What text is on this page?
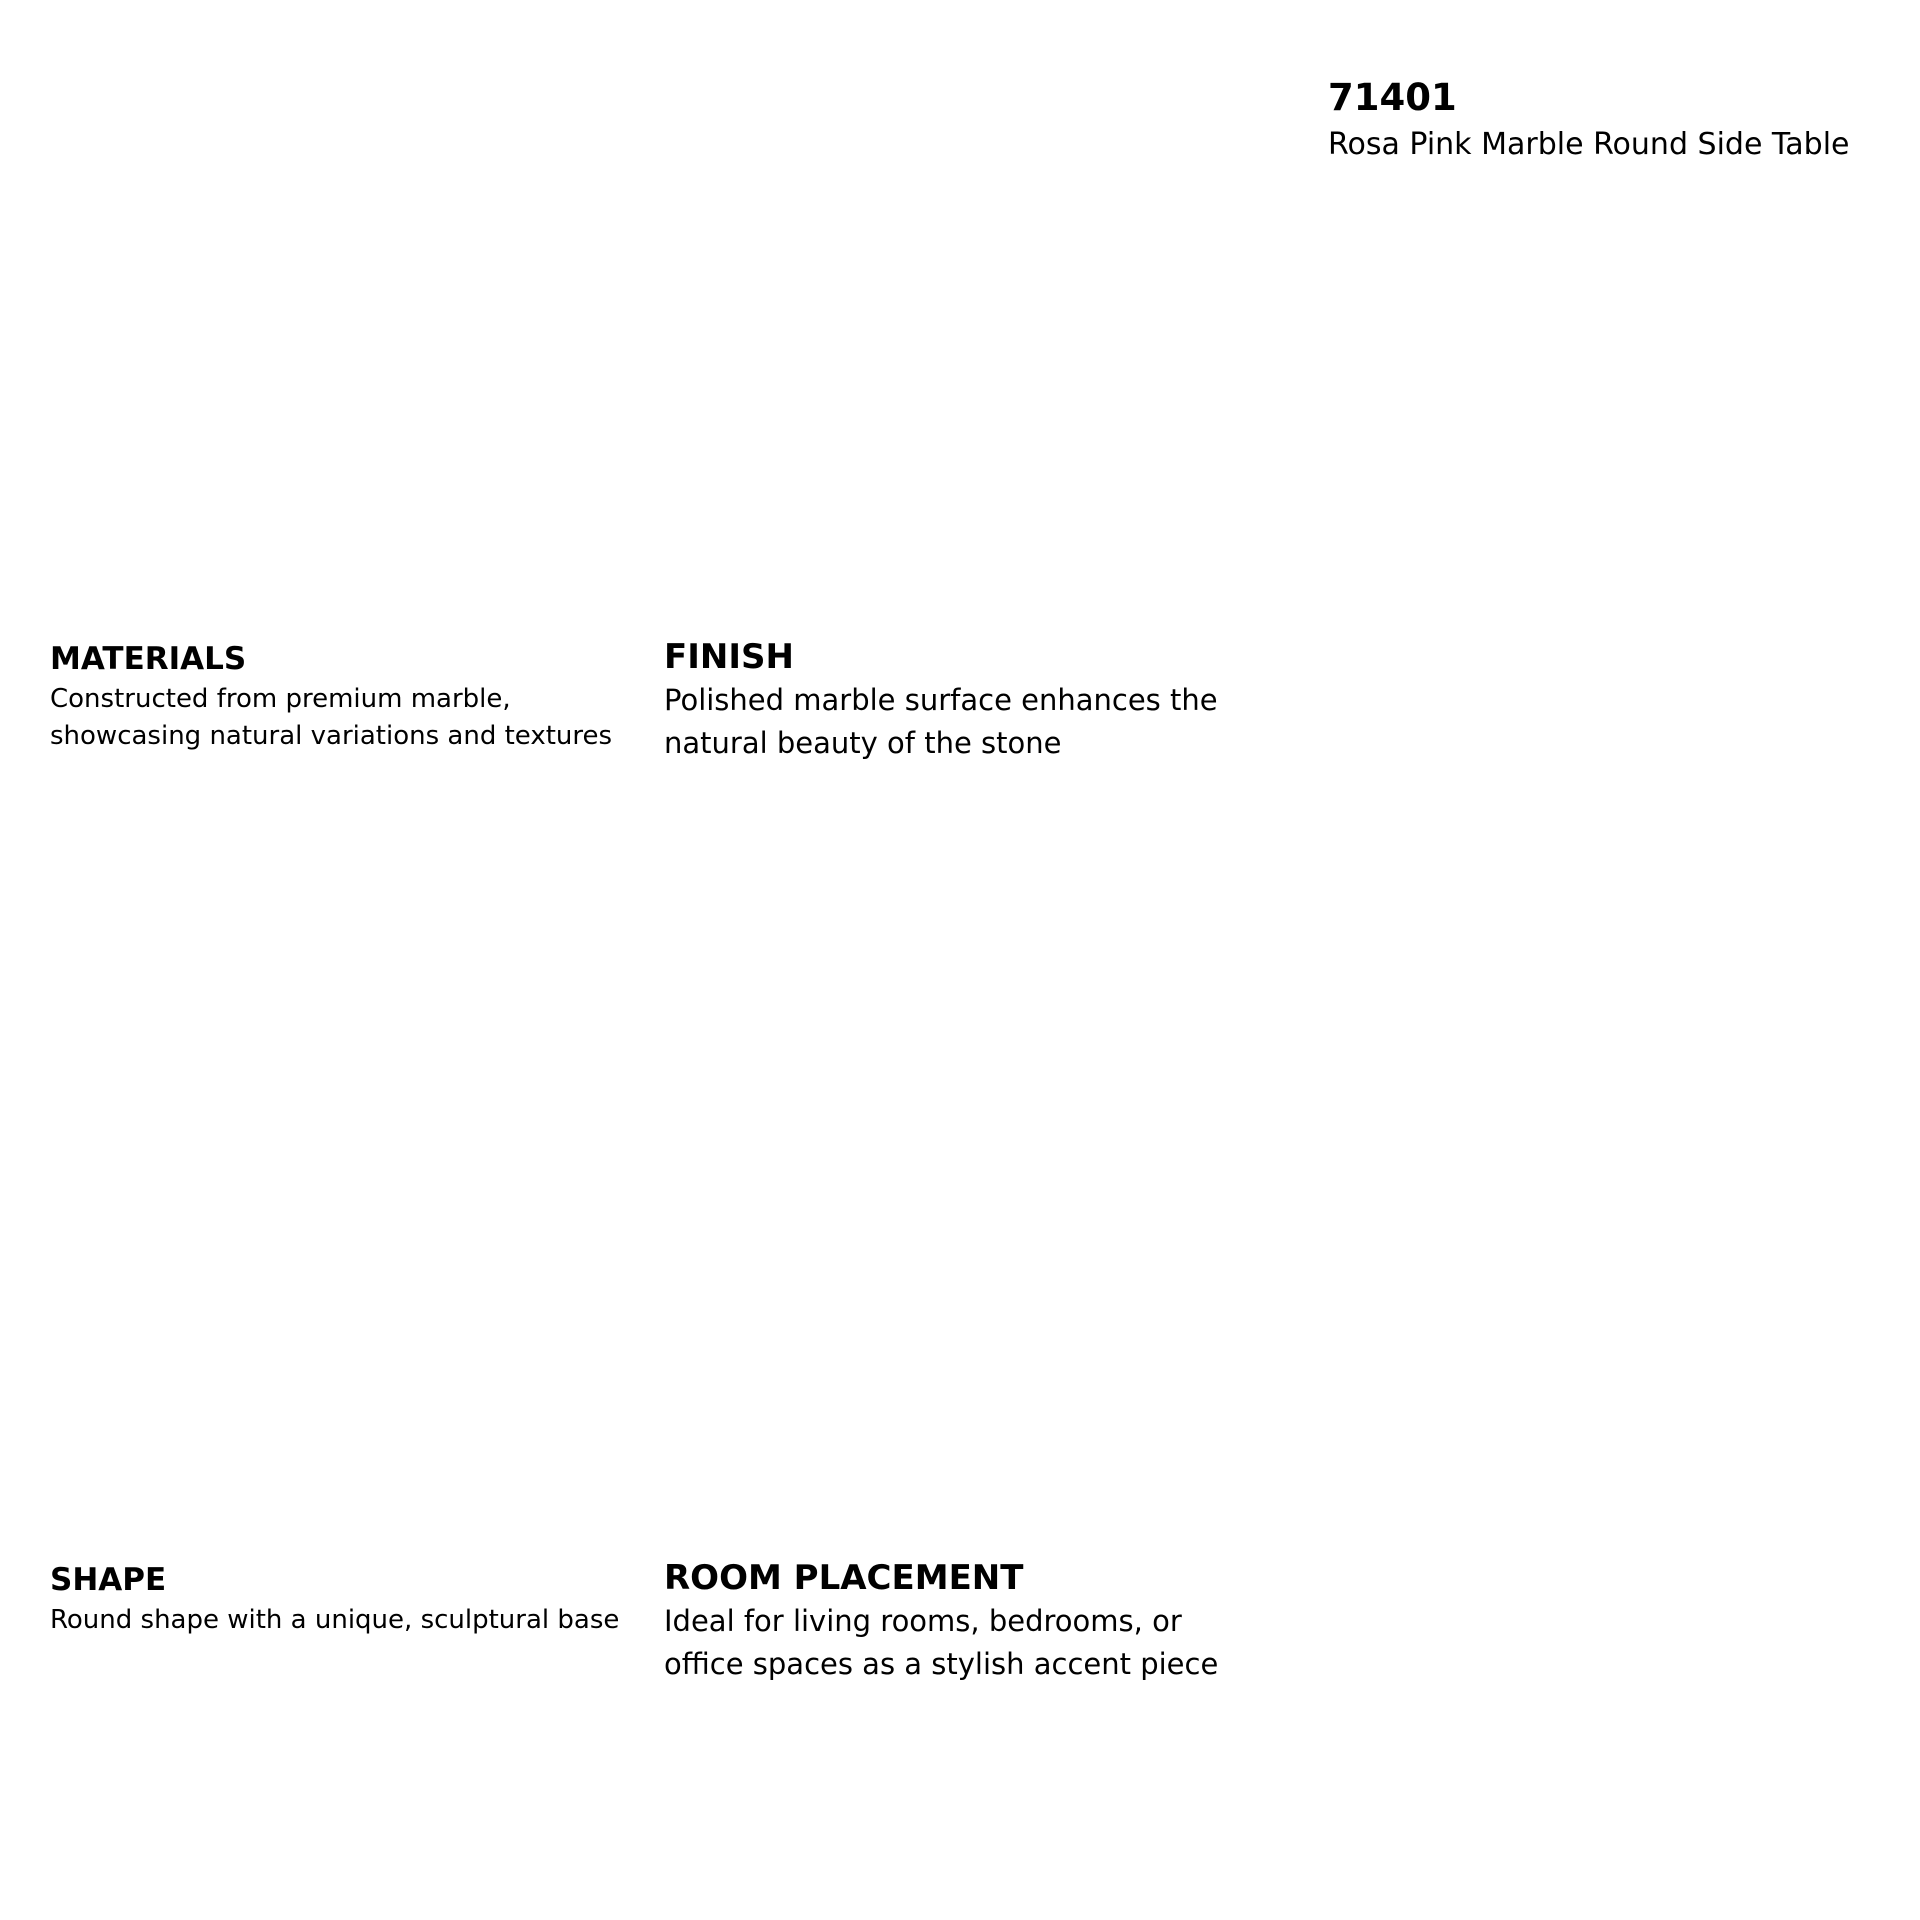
71401
Rosa Pink Marble Round Side Table
MATERIALS
Constructed from premium marble,
showcasing natural variations and textures
FINISH
Polished marble surface enhances the
natural beauty of the stone
SHAPE
Round shape with a unique, sculptural base
ROOM PLACEMENT
Ideal for living rooms, bedrooms, or
office spaces as a stylish accent piece
